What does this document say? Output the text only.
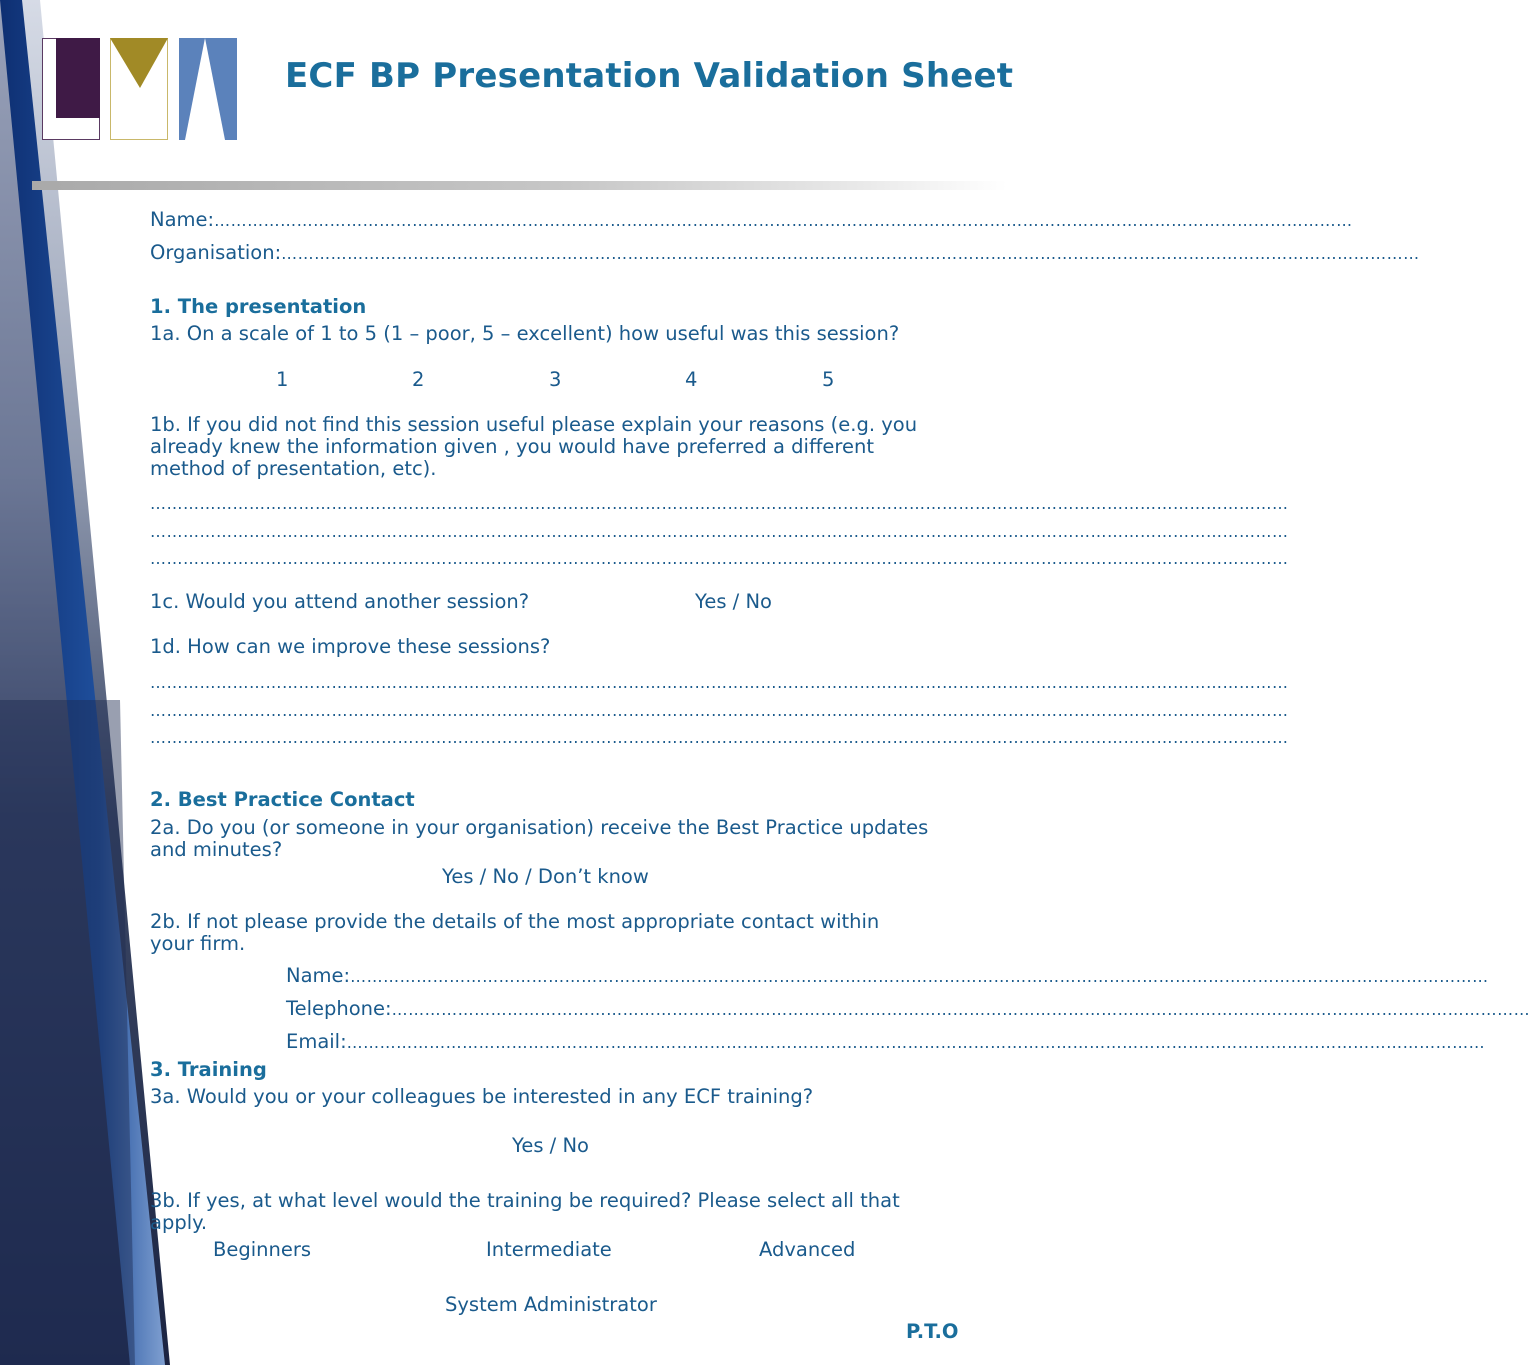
ECF BP Presentation Validation Sheet
Name:………………………………………………………………………………………………………………………………………………………………………………………
Organisation:………………………………………………………………………………………………………………………………………………………………………………………
1. The presentation
1a. On a scale of 1 to 5 (1 – poor, 5 – excellent) how useful was this session?
1	2	3	4	5
1b. If you did not find this session useful please explain your reasons (e.g. you
already knew the information given , you would have preferred a different
method of presentation, etc).
………………………………………………………………………………………………………………………………………………………………………………………
………………………………………………………………………………………………………………………………………………………………………………………
………………………………………………………………………………………………………………………………………………………………………………………
1c. Would you attend another session?	Yes / No
1d. How can we improve these sessions?
………………………………………………………………………………………………………………………………………………………………………………………
………………………………………………………………………………………………………………………………………………………………………………………
………………………………………………………………………………………………………………………………………………………………………………………
2. Best Practice Contact
2a. Do you (or someone in your organisation) receive the Best Practice updates
and minutes?
Yes / No / Don’t know
2b. If not please provide the details of the most appropriate contact within
your firm.
Name:………………………………………………………………………………………………………………………………………………………………………………………
Telephone:………………………………………………………………………………………………………………………………………………………………………………………
Email:………………………………………………………………………………………………………………………………………………………………………………………
3. Training
3a. Would you or your colleagues be interested in any ECF training?
Yes / No
3b. If yes, at what level would the training be required? Please select all that
apply.
Beginners	Intermediate	Advanced
System Administrator
P.T.O
